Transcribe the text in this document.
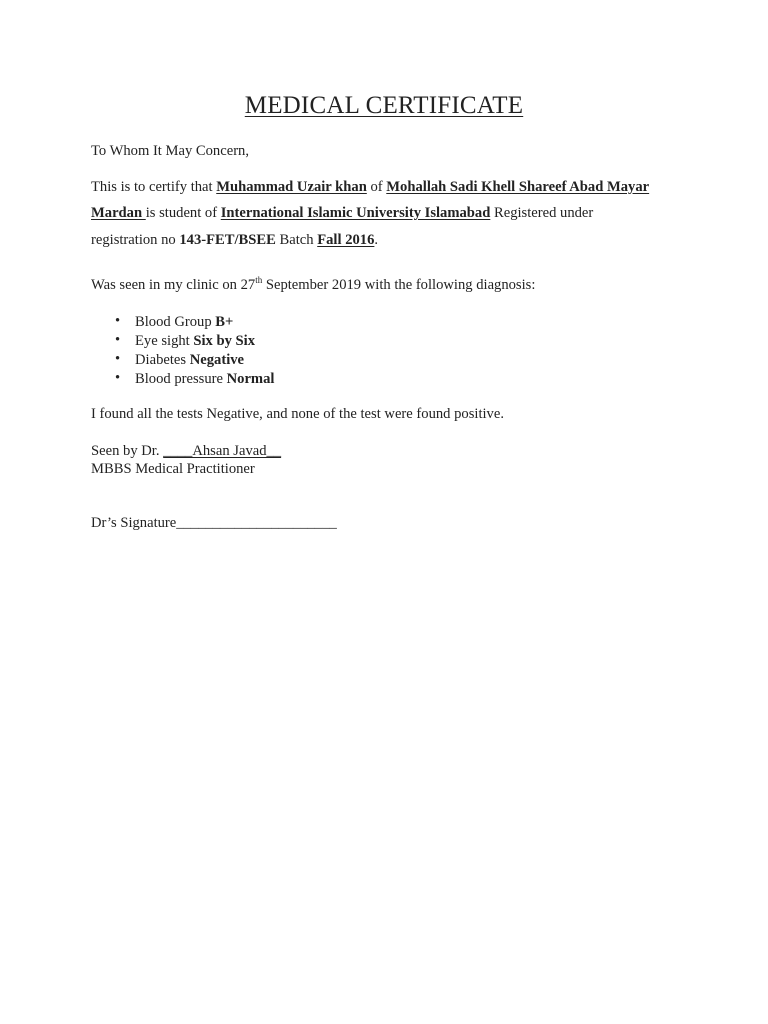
MEDICAL CERTIFICATE
To Whom It May Concern,
This is to certify that Muhammad Uzair khan of Mohallah Sadi Khell Shareef Abad Mayar
Mardan is student of International Islamic University Islamabad Registered under
registration no 143-FET/BSEE Batch Fall 2016.
Was seen in my clinic on 27th September 2019 with the following diagnosis:
• Blood Group B+
• Eye sight Six by Six
• Diabetes Negative
• Blood pressure Normal
I found all the tests Negative, and none of the test were found positive.
Seen by Dr. ____Ahsan Javad__
MBBS Medical Practitioner
Dr’s Signature______________________
